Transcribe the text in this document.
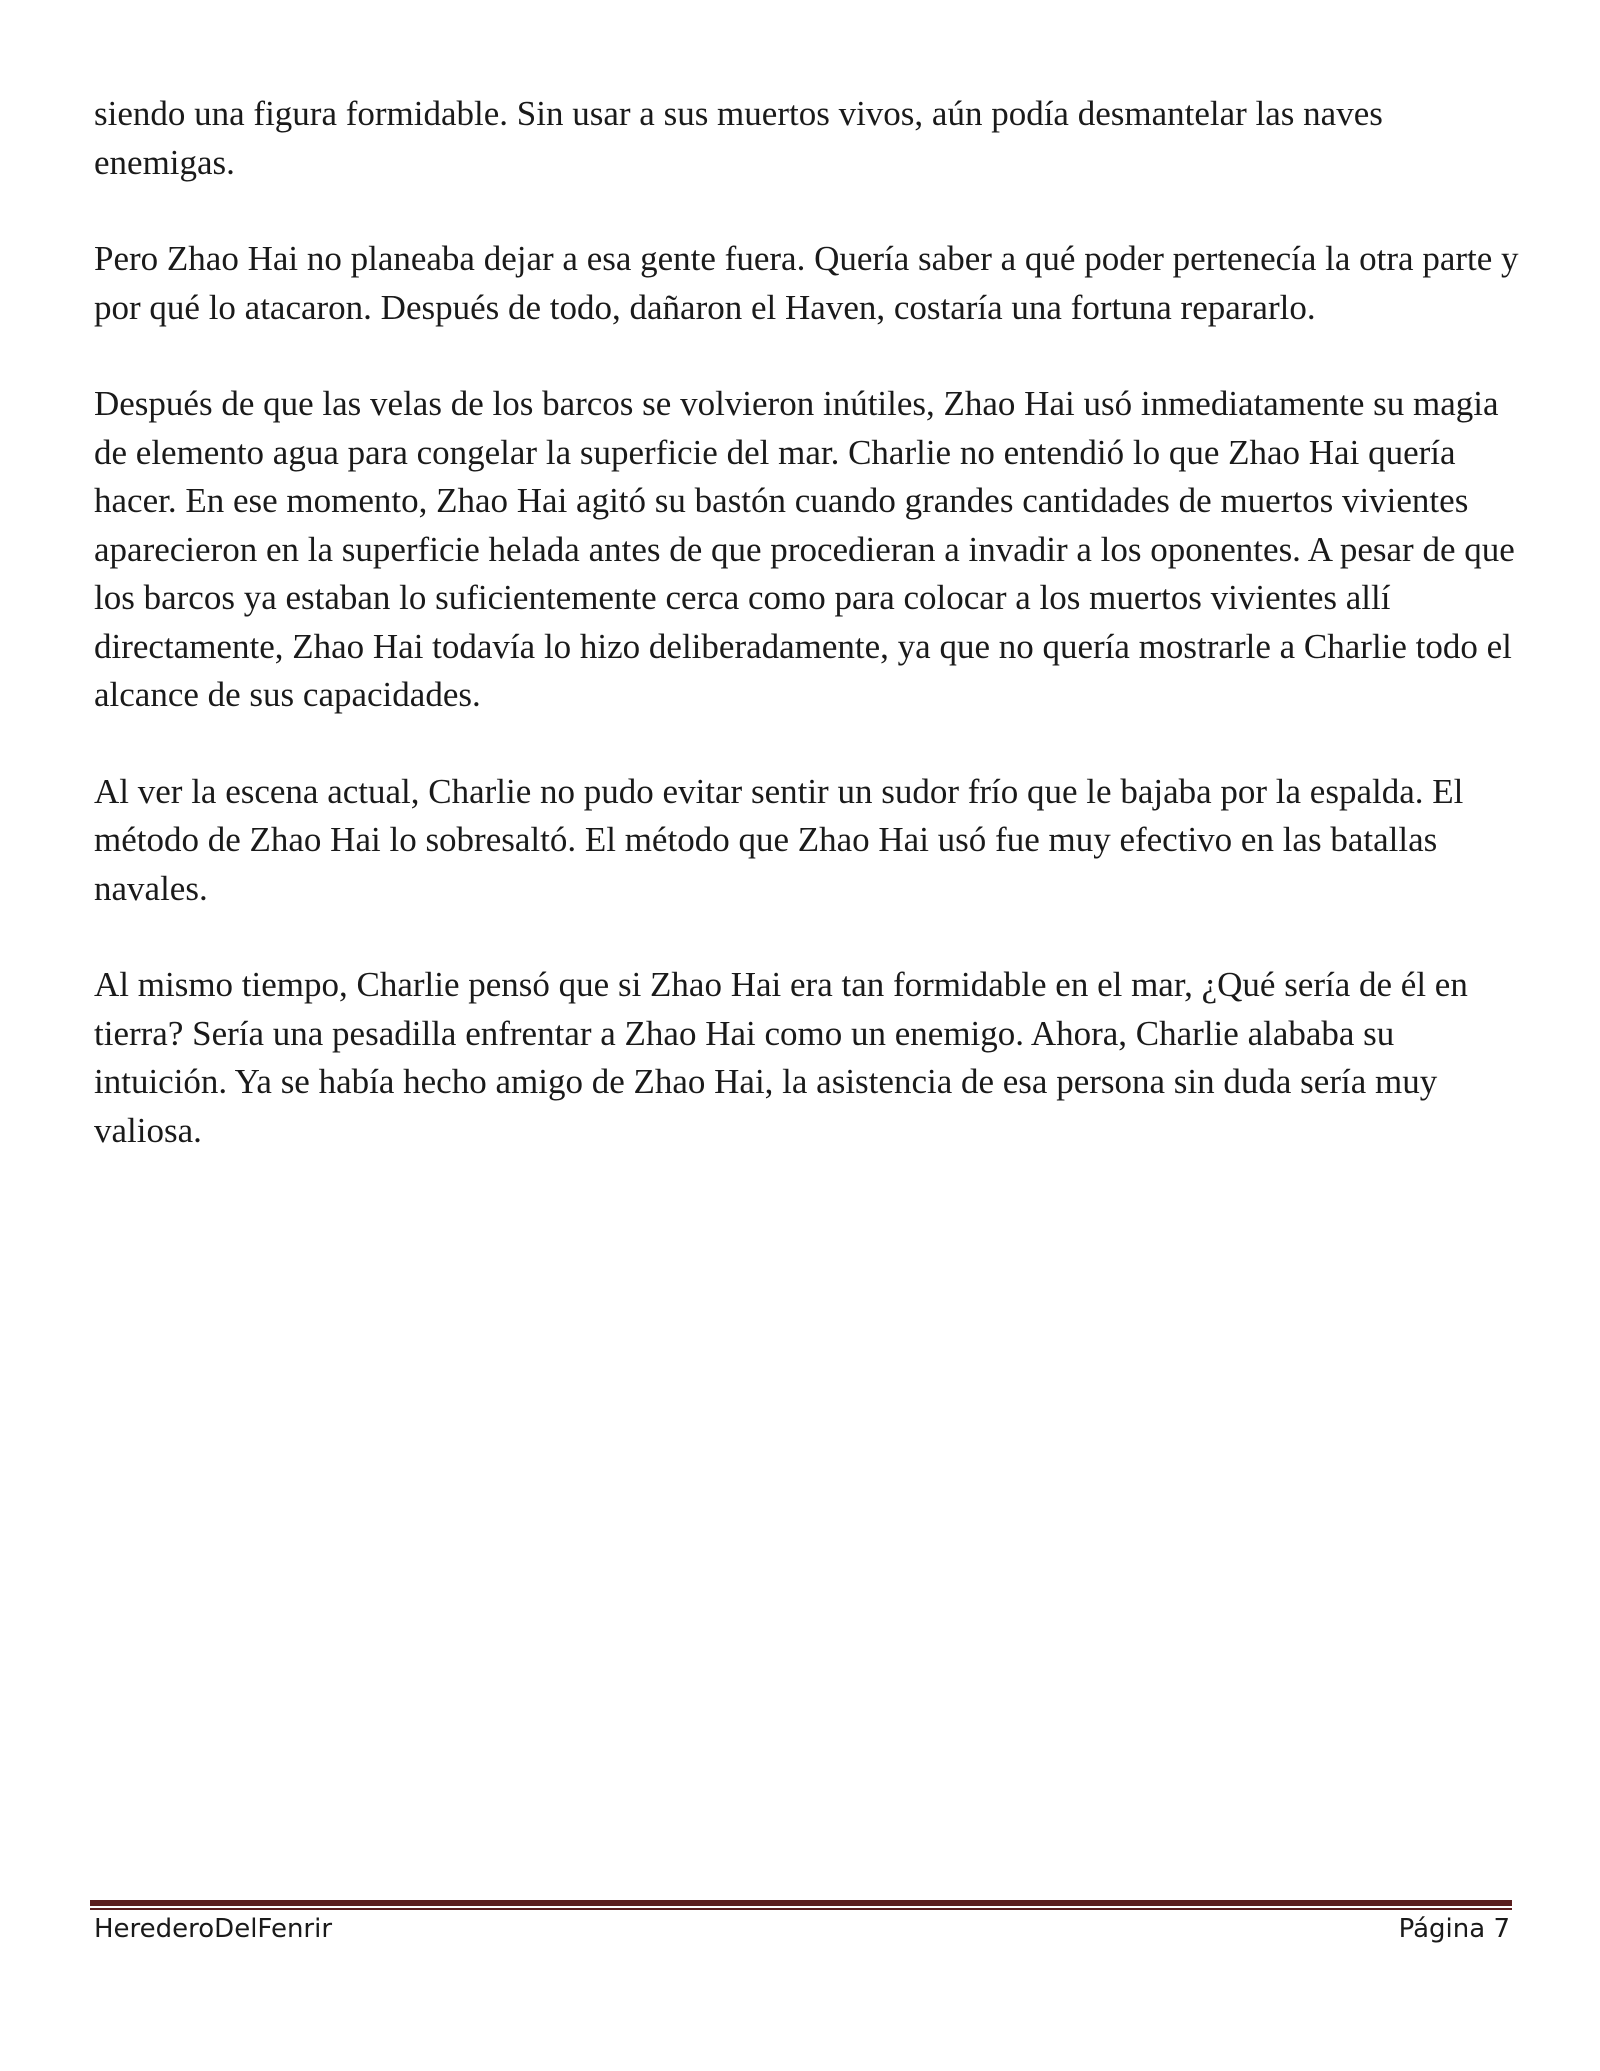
siendo una figura formidable. Sin usar a sus muertos vivos, aún podía desmantelar las naves enemigas.

Pero Zhao Hai no planeaba dejar a esa gente fuera. Quería saber a qué poder pertenecía la otra parte y por qué lo atacaron. Después de todo, dañaron el Haven, costaría una fortuna repararlo.

Después de que las velas de los barcos se volvieron inútiles, Zhao Hai usó inmediatamente su magia de elemento agua para congelar la superficie del mar. Charlie no entendió lo que Zhao Hai quería hacer. En ese momento, Zhao Hai agitó su bastón cuando grandes cantidades de muertos vivientes aparecieron en la superficie helada antes de que procedieran a invadir a los oponentes. A pesar de que los barcos ya estaban lo suficientemente cerca como para colocar a los muertos vivientes allí directamente, Zhao Hai todavía lo hizo deliberadamente, ya que no quería mostrarle a Charlie todo el alcance de sus capacidades.

Al ver la escena actual, Charlie no pudo evitar sentir un sudor frío que le bajaba por la espalda. El método de Zhao Hai lo sobresaltó. El método que Zhao Hai usó fue muy efectivo en las batallas navales.

Al mismo tiempo, Charlie pensó que si Zhao Hai era tan formidable en el mar, ¿Qué sería de él en tierra? Sería una pesadilla enfrentar a Zhao Hai como un enemigo. Ahora, Charlie alababa su intuición. Ya se había hecho amigo de Zhao Hai, la asistencia de esa persona sin duda sería muy valiosa.

HerederoDelFenrir	Página 7
